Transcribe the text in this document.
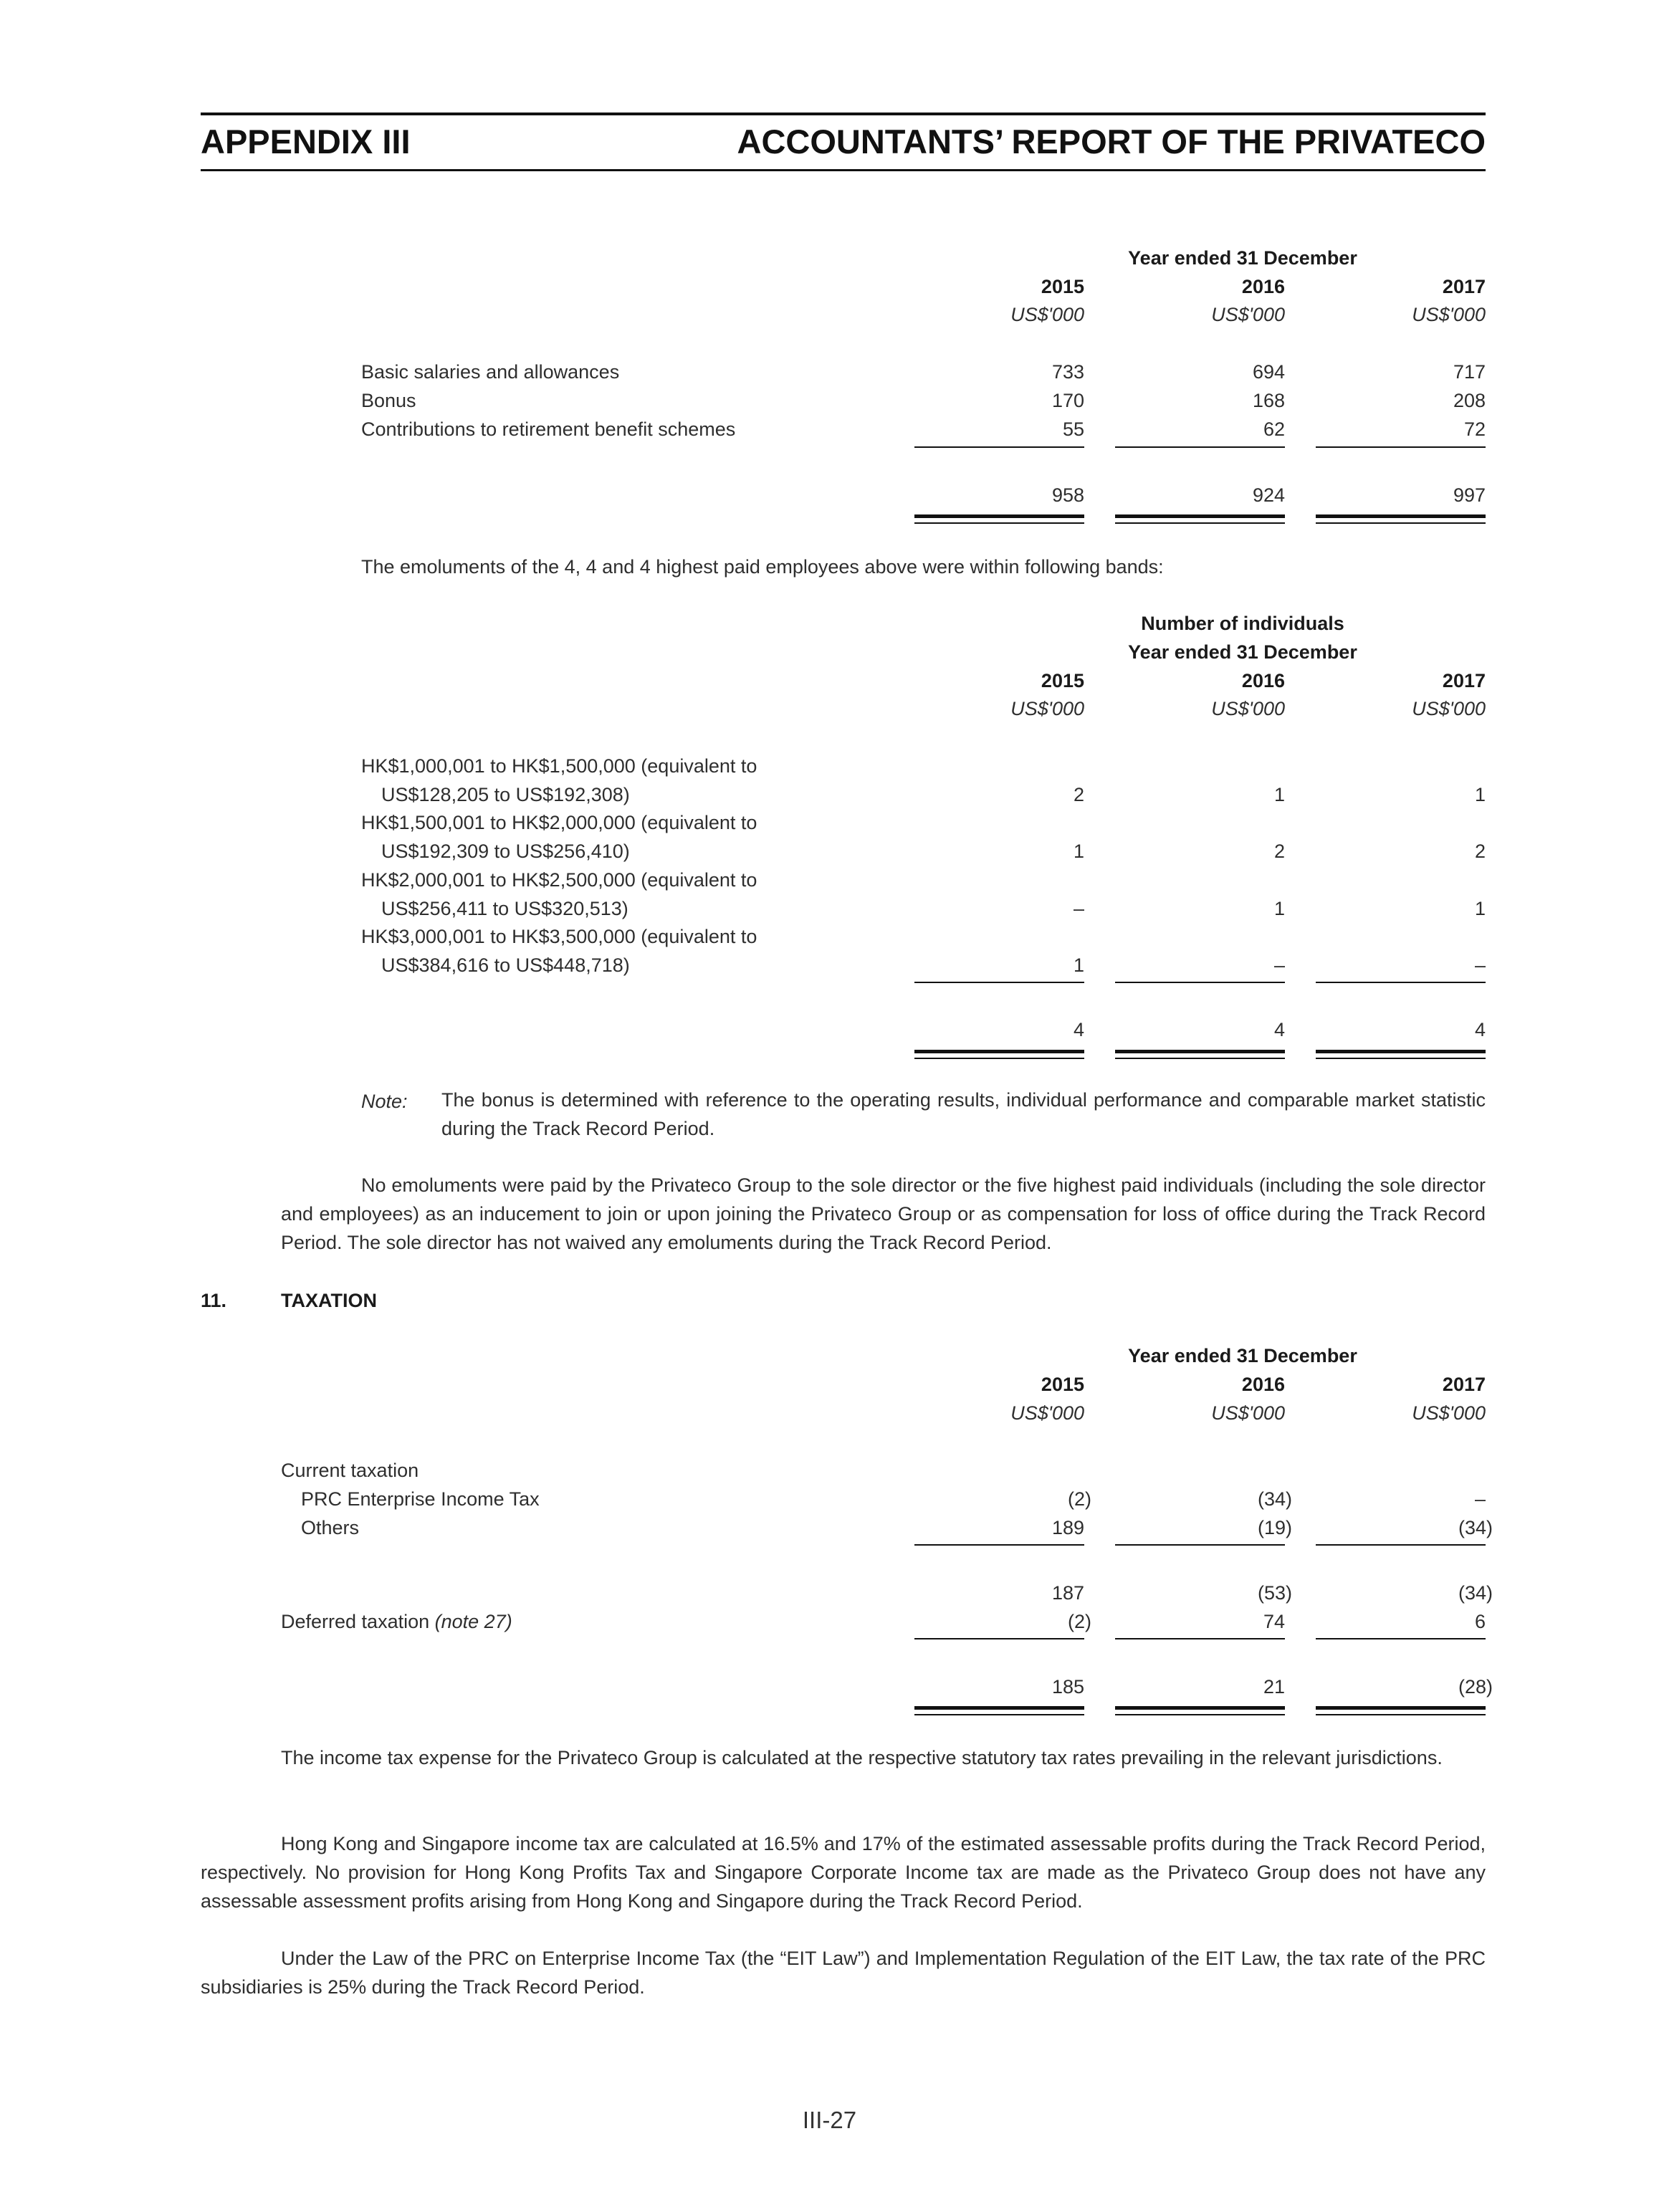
APPENDIX III	ACCOUNTANTS’ REPORT OF THE PRIVATECO
Year ended 31 December
2015	2016	2017
US$'000	US$'000	US$'000
Basic salaries and allowances	733	694	717
Bonus	170	168	208
Contributions to retirement benefit schemes	55	62	72
958	924	997
The emoluments of the 4, 4 and 4 highest paid employees above were within following bands:
Number of individuals
Year ended 31 December
2015	2016	2017
US$'000	US$'000	US$'000
HK$1,000,001 to HK$1,500,000 (equivalent to
US$128,205 to US$192,308)	2	1	1
HK$1,500,001 to HK$2,000,000 (equivalent to
US$192,309 to US$256,410)	1	2	2
HK$2,000,001 to HK$2,500,000 (equivalent to
US$256,411 to US$320,513)	–	1	1
HK$3,000,001 to HK$3,500,000 (equivalent to
US$384,616 to US$448,718)	1	–	–
4	4	4
Note: The bonus is determined with reference to the operating results, individual performance and comparable market statistic during the Track Record Period.
No emoluments were paid by the Privateco Group to the sole director or the five highest paid individuals (including the sole director and employees) as an inducement to join or upon joining the Privateco Group or as compensation for loss of office during the Track Record Period. The sole director has not waived any emoluments during the Track Record Period.
11.	TAXATION
Year ended 31 December
2015	2016	2017
US$'000	US$'000	US$'000
Current taxation
PRC Enterprise Income Tax	(2)	(34)	–
Others	189	(19)	(34)
187	(53)	(34)
Deferred taxation (note 27)	(2)	74	6
185	21	(28)
The income tax expense for the Privateco Group is calculated at the respective statutory tax rates prevailing in the relevant jurisdictions.
Hong Kong and Singapore income tax are calculated at 16.5% and 17% of the estimated assessable profits during the Track Record Period, respectively. No provision for Hong Kong Profits Tax and Singapore Corporate Income tax are made as the Privateco Group does not have any assessable assessment profits arising from Hong Kong and Singapore during the Track Record Period.
Under the Law of the PRC on Enterprise Income Tax (the “EIT Law”) and Implementation Regulation of the EIT Law, the tax rate of the PRC subsidiaries is 25% during the Track Record Period.
III-27
